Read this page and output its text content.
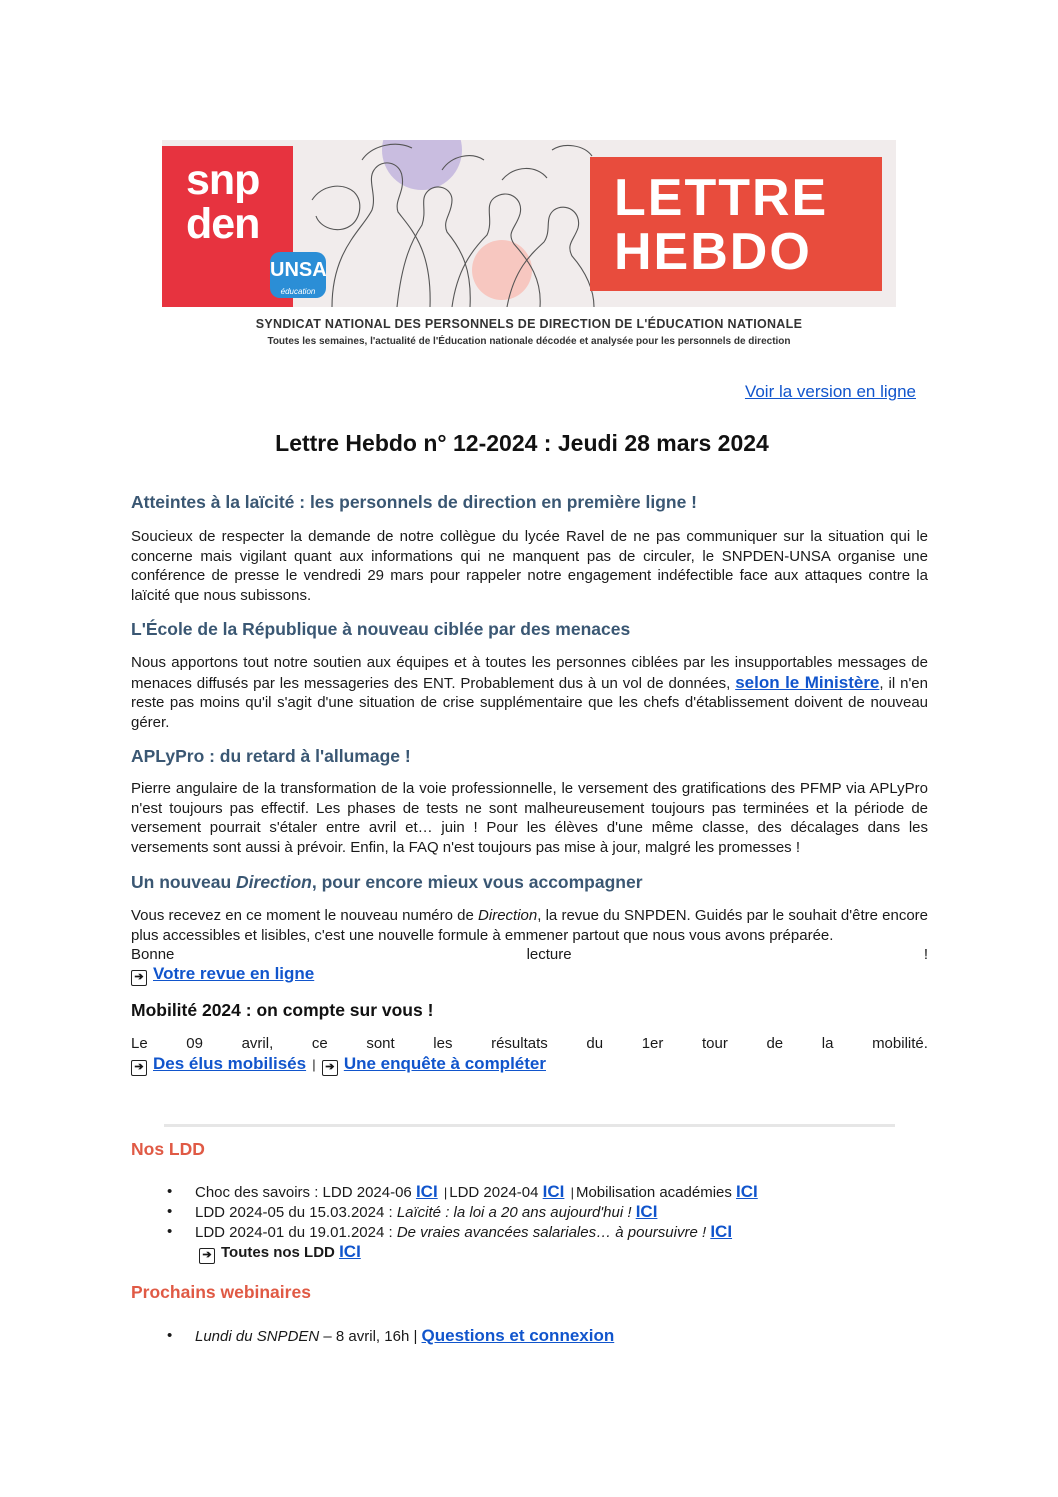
snp
den
UNSA
éducation
LETTRE
HEBDO
SYNDICAT NATIONAL DES PERSONNELS DE DIRECTION DE L'ÉDUCATION NATIONALE
Toutes les semaines, l'actualité de l'Éducation nationale décodée et analysée pour les personnels de direction
Voir la version en ligne
Lettre Hebdo n° 12-2024 : Jeudi 28 mars 2024
Atteintes à la laïcité : les personnels de direction en première ligne !

Soucieux de respecter la demande de notre collègue du lycée Ravel de ne pas communiquer sur la situation qui le concerne mais vigilant quant aux informations qui ne manquent pas de circuler, le SNPDEN-UNSA organise une conférence de presse le vendredi 29 mars pour rappeler notre engagement indéfectible face aux attaques contre la laïcité que nous subissons.

L'École de la République à nouveau ciblée par des menaces

Nous apportons tout notre soutien aux équipes et à toutes les personnes ciblées par les insupportables messages de menaces diffusés par les messageries des ENT. Probablement dus à un vol de données, selon le Ministère, il n'en reste pas moins qu'il s'agit d'une situation de crise supplémentaire que les chefs d'établissement doivent de nouveau gérer.

APLyPro : du retard à l'allumage !

Pierre angulaire de la transformation de la voie professionnelle, le versement des gratifications des PFMP via APLyPro n'est toujours pas effectif. Les phases de tests ne sont malheureusement toujours pas terminées et la période de versement pourrait s'étaler entre avril et… juin ! Pour les élèves d'une même classe, des décalages dans les versements sont aussi à prévoir. Enfin, la FAQ n'est toujours pas mise à jour, malgré les promesses !

Un nouveau Direction, pour encore mieux vous accompagner

Vous recevez en ce moment le nouveau numéro de Direction, la revue du SNPDEN. Guidés par le souhait d'être encore plus accessibles et lisibles, c'est une nouvelle formule à emmener partout que nous vous avons préparée.

Bonne	lecture	!
➔ Votre revue en ligne
Mobilité 2024 : on compte sur vous !
Le	09	avril,	ce	sont	les	résultats	du	1er	tour	de	la	mobilité.
➔ Des élus mobilisés | ➔ Une enquête à compléter
Nos LDD
• Choc des savoirs : LDD 2024-06 ICI | LDD 2024-04 ICI | Mobilisation académies ICI
• LDD 2024-05 du 15.03.2024 : Laïcité : la loi a 20 ans aujourd'hui ! ICI
• LDD 2024-01 du 19.01.2024 : De vraies avancées salariales… à poursuivre ! ICI
➔ Toutes nos LDD ICI
Prochains webinaires
• Lundi du SNPDEN – 8 avril, 16h | Questions et connexion
